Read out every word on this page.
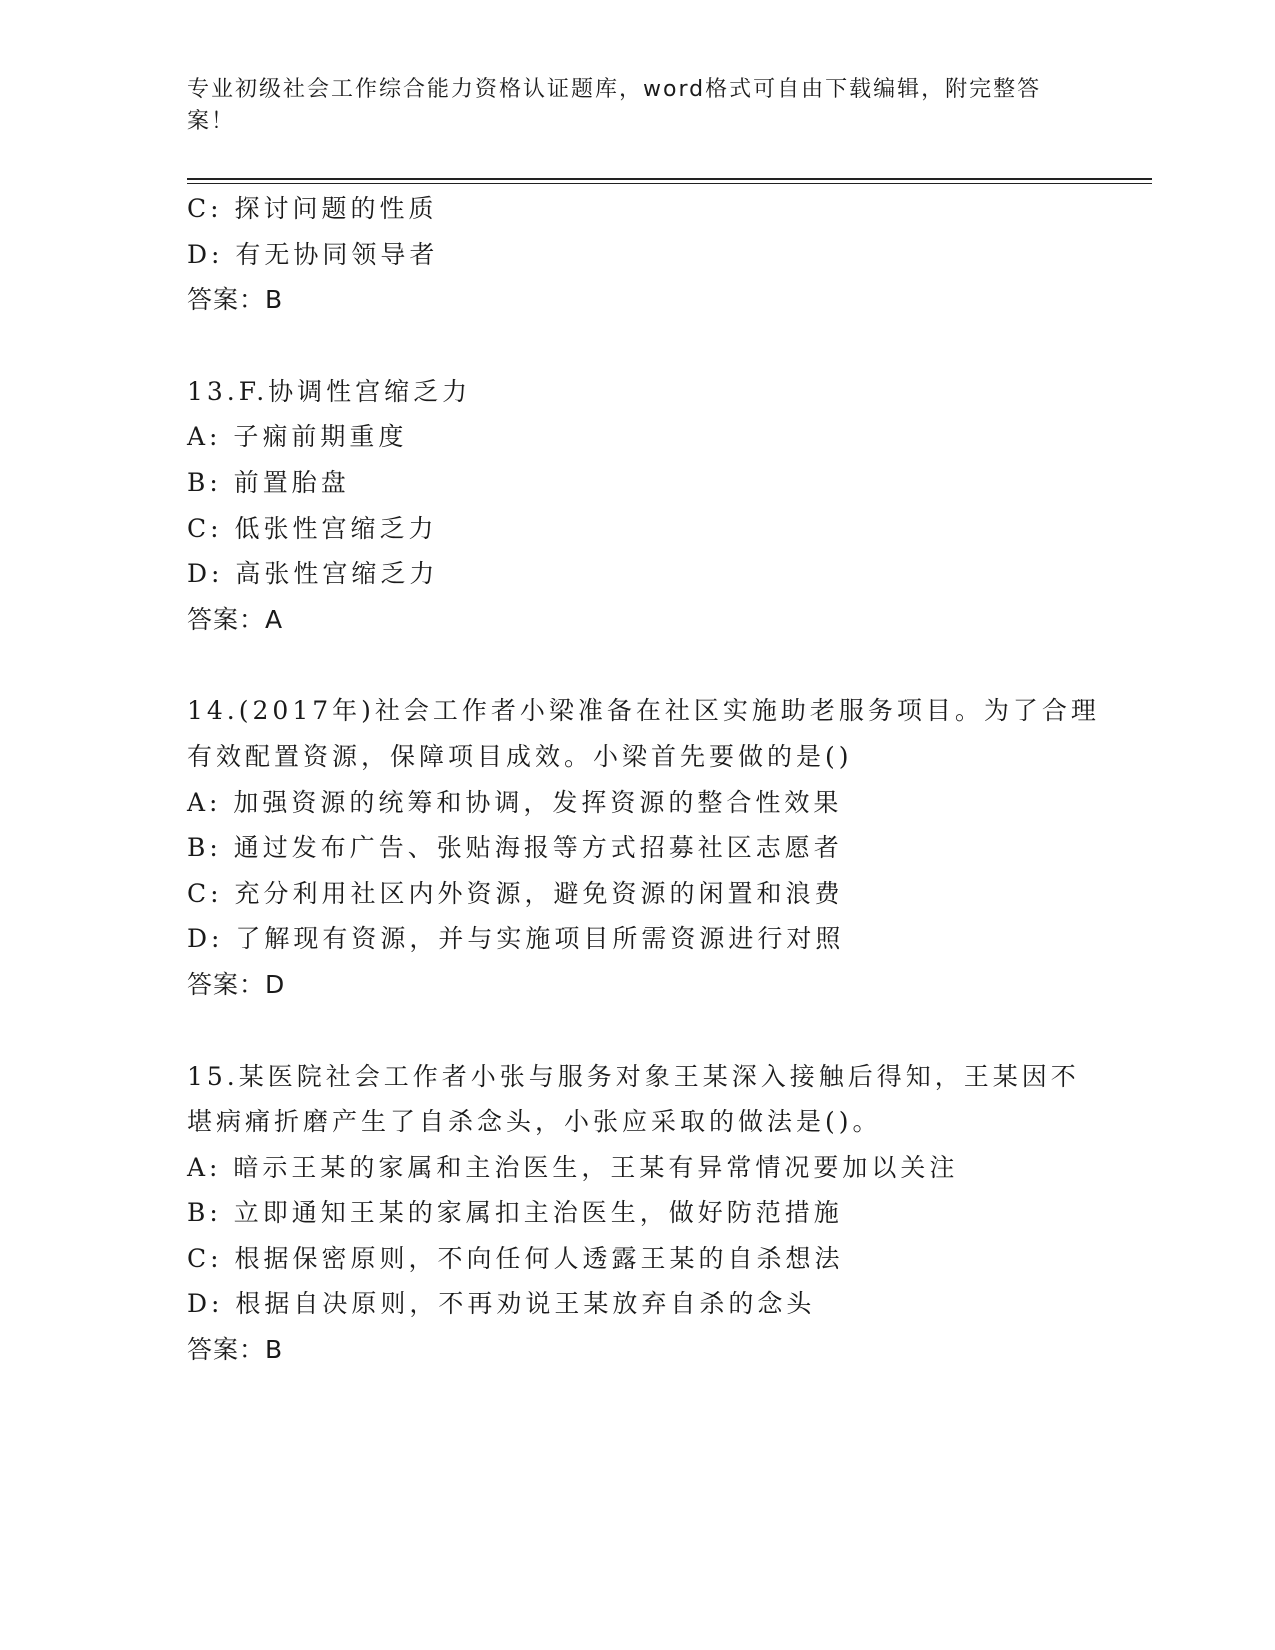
专业初级社会工作综合能力资格认证题库，word格式可自由下载编辑，附完整答案！
C: 探讨问题的性质
D: 有无协同领导者
答案：B
13.F.协调性宫缩乏力
A: 子痫前期重度
B: 前置胎盘
C: 低张性宫缩乏力
D: 高张性宫缩乏力
答案：A
14.(2017年)社会工作者小梁准备在社区实施助老服务项目。为了合理
有效配置资源，保障项目成效。小梁首先要做的是()
A: 加强资源的统筹和协调，发挥资源的整合性效果
B: 通过发布广告、张贴海报等方式招募社区志愿者
C: 充分利用社区内外资源，避免资源的闲置和浪费
D: 了解现有资源，并与实施项目所需资源进行对照
答案：D
15.某医院社会工作者小张与服务对象王某深入接触后得知，王某因不
堪病痛折磨产生了自杀念头，小张应采取的做法是()。
A: 暗示王某的家属和主治医生，王某有异常情况要加以关注
B: 立即通知王某的家属扣主治医生，做好防范措施
C: 根据保密原则，不向任何人透露王某的自杀想法
D: 根据自决原则，不再劝说王某放弃自杀的念头
答案：B
